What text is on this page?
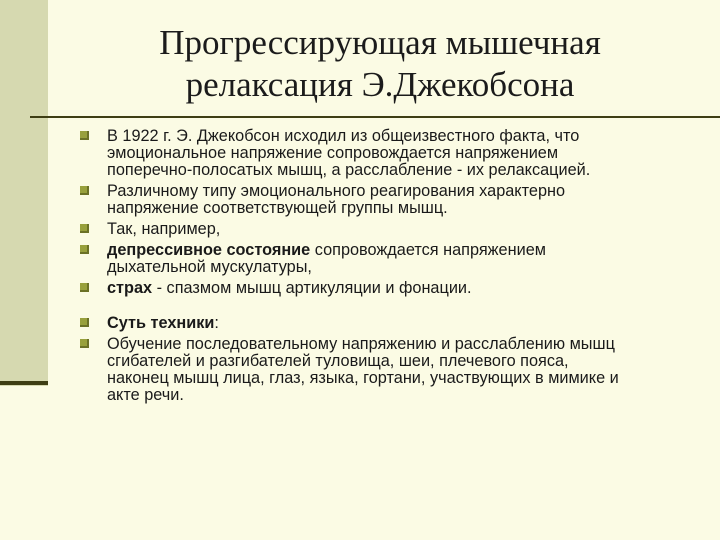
Прогрессирующая мышечная
релаксация Э.Джекобсона
В 1922 г. Э. Джекобсон исходил из общеизвестного факта, что
эмоциональное напряжение сопровождается напряжением
поперечно-полосатых мышц, а расслабление - их релаксацией.
Различному типу эмоционального реагирования характерно
напряжение соответствующей группы мышц.
Так, например,
депрессивное состояние сопровождается напряжением
дыхательной мускулатуры,
страх - спазмом мышц артикуляции и фонации.
Суть техники:
Обучение последовательному напряжению и расслаблению мышц
сгибателей и разгибателей туловища, шеи, плечевого пояса,
наконец мышц лица, глаз, языка, гортани, участвующих в мимике и
акте речи.
